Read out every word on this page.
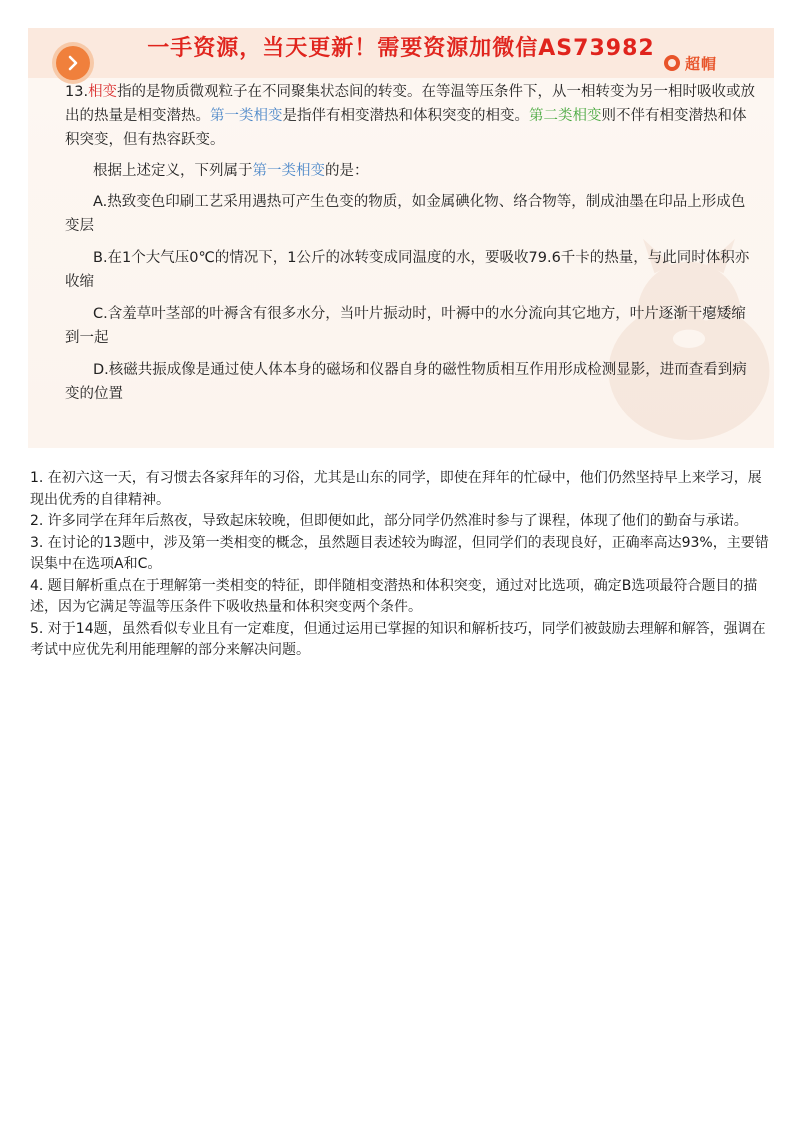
一手资源，当天更新！需要资源加微信AS73982
超帽

13.相变指的是物质微观粒子在不同聚集状态间的转变。在等温等压条件下，从一相转变为另一相时吸收或放出的热量是相变潜热。第一类相变是指伴有相变潜热和体积突变的相变。第二类相变则不伴有相变潜热和体积突变，但有热容跃变。

根据上述定义，下列属于第一类相变的是：

A.热致变色印刷工艺采用遇热可产生色变的物质，如金属碘化物、络合物等，制成油墨在印品上形成色变层

B.在1个大气压0℃的情况下，1公斤的冰转变成同温度的水，要吸收79.6千卡的热量，与此同时体积亦收缩

C.含羞草叶茎部的叶褥含有很多水分，当叶片振动时，叶褥中的水分流向其它地方，叶片逐渐干瘪矮缩到一起

D.核磁共振成像是通过使人体本身的磁场和仪器自身的磁性物质相互作用形成检测显影，进而查看到病变的位置

1. 在初六这一天，有习惯去各家拜年的习俗，尤其是山东的同学，即使在拜年的忙碌中，他们仍然坚持早上来学习，展现出优秀的自律精神。

2. 许多同学在拜年后熬夜，导致起床较晚，但即便如此，部分同学仍然准时参与了课程，体现了他们的勤奋与承诺。

3. 在讨论的13题中，涉及第一类相变的概念，虽然题目表述较为晦涩，但同学们的表现良好，正确率高达93%，主要错误集中在选项A和C。

4. 题目解析重点在于理解第一类相变的特征，即伴随相变潜热和体积突变，通过对比选项，确定B选项最符合题目的描述，因为它满足等温等压条件下吸收热量和体积突变两个条件。

5. 对于14题，虽然看似专业且有一定难度，但通过运用已掌握的知识和解析技巧，同学们被鼓励去理解和解答，强调在考试中应优先利用能理解的部分来解决问题。
